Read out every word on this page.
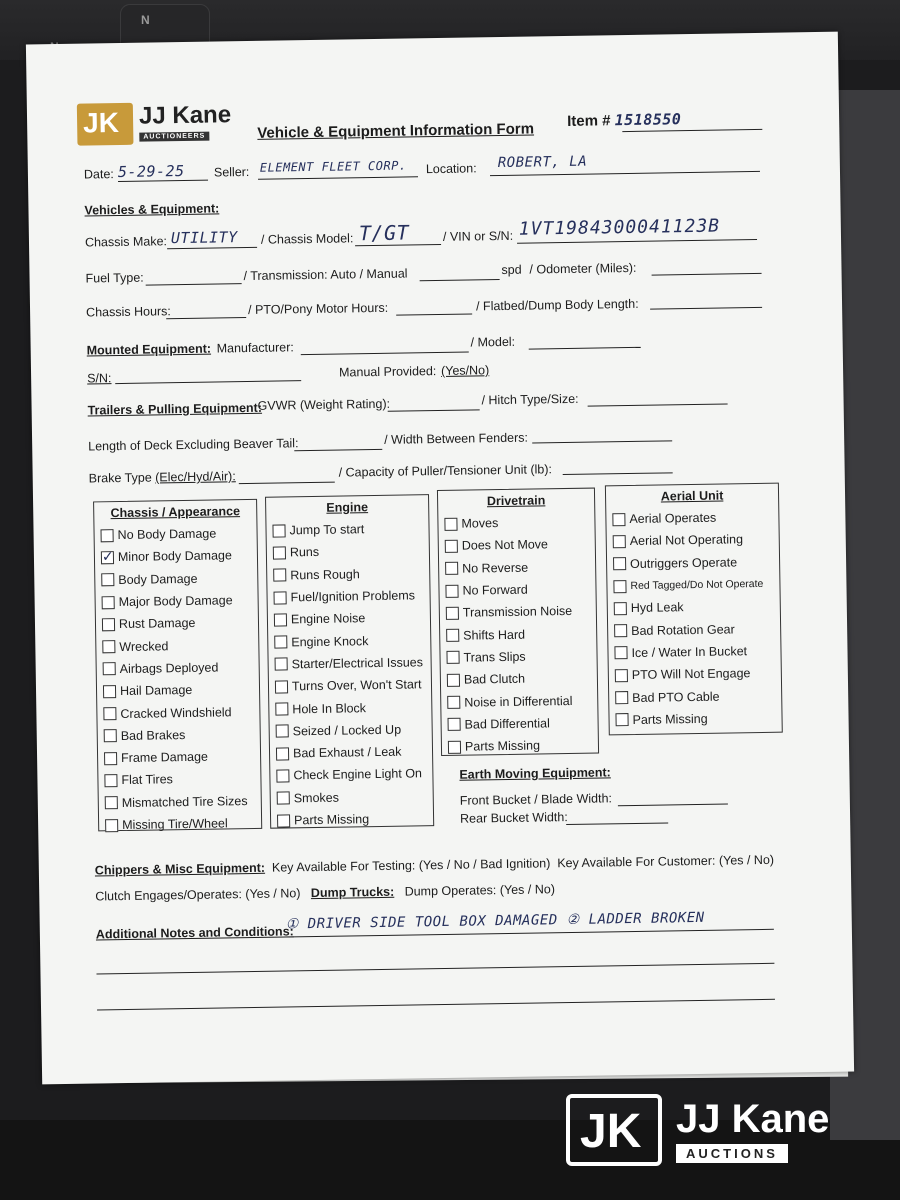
N
JK JJ Kane
AUCTIONEERS	Vehicle & Equipment Information Form Item # 1518550
Date: 5-29-25 Seller: ELEMENT FLEET CORP. Location: ROBERT, LA
Vehicles & Equipment:
Chassis Make: UTILITY / Chassis Model: T/GT	/ VIN or S/N: 1VT1984300041123B
Fuel Type:	/ Transmission: Auto / Manual	spd / Odometer (Miles):
Chassis Hours:	/ PTO/Pony Motor Hours:	/ Flatbed/Dump Body Length:
Mounted Equipment: Manufacturer:	/ Model:
S/N:	Manual Provided: (Yes/No)
Trailers & Pulling Equipment:
GVWR (Weight Rating):	/ Hitch Type/Size:
Length of Deck Excluding Beaver Tail:	/ Width Between Fenders:
Brake Type (Elec/Hyd/Air):	/ Capacity of Puller/Tensioner Unit (lb):
Chassis / Appearance
No Body Damage
✓
Minor Body Damage
Body Damage
Major Body Damage
Rust Damage
Wrecked
Airbags Deployed
Hail Damage
Cracked Windshield
Bad Brakes
Frame Damage
Flat Tires
Mismatched Tire Sizes
Missing Tire/Wheel
Engine
Jump To start
Runs
Runs Rough
Fuel/Ignition Problems
Engine Noise
Engine Knock
Starter/Electrical Issues
Turns Over, Won't Start
Hole In Block
Seized / Locked Up
Bad Exhaust / Leak
Check Engine Light On
Smokes
Parts Missing
Drivetrain
Moves
Does Not Move
No Reverse
No Forward
Transmission Noise
Shifts Hard
Trans Slips
Bad Clutch
Noise in Differential
Bad Differential
Parts Missing
Aerial Unit
Aerial Operates
Aerial Not Operating
Outriggers Operate
Red Tagged/Do Not Operate
Hyd Leak
Bad Rotation Gear
Ice / Water In Bucket
PTO Will Not Engage
Bad PTO Cable
Parts Missing
Earth Moving Equipment:
Front Bucket / Blade Width:
Rear Bucket Width:
Chippers & Misc Equipment: Key Available For Testing: (Yes / No / Bad Ignition) Key Available For Customer: (Yes / No)
Clutch Engages/Operates: (Yes / No) Dump Trucks: Dump Operates: (Yes / No)
Additional Notes and Conditions:
① DRIVER SIDE TOOL BOX DAMAGED ② LADDER BROKEN
JK JJ Kane
AUCTIONS
